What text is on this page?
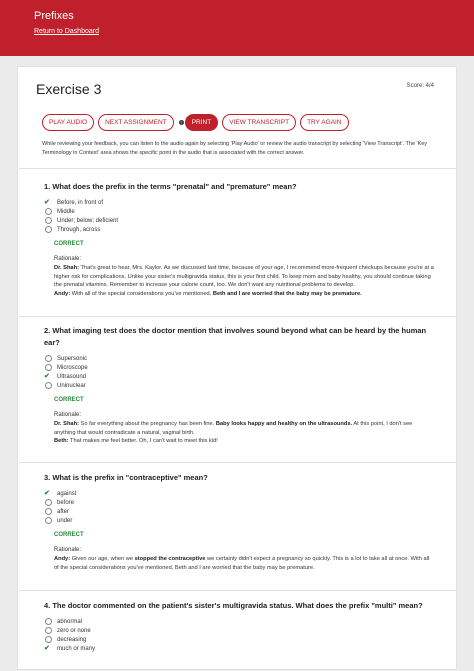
Prefixes
Return to Dashboard
Exercise 3	Score: 4/4
PLAY AUDIO	NEXT ASSIGNMENT	?	PRINT	VIEW TRANSCRIPT	TRY AGAIN
While reviewing your feedback, you can listen to the audio again by selecting 'Play Audio' or review the audio transcript by selecting 'View Transcript'. The 'Key Terminology in Context' area shows the specific point in the audio that is associated with the correct answer.
1. What does the prefix in the terms "prenatal" and "premature" mean?
✔	Before, in front of
Middle
Under; below; deficient
Through, across
CORRECT
Rationale:

Dr. Shah: That's great to hear, Mrs. Kaylor. As we discussed last time, because of your age, I recommend more-frequent checkups because you're at a higher risk for complications. Unlike your sister's multigravida status, this is your first child. To keep mom and baby healthy, you should continue taking the prenatal vitamins. Remember to increase your calorie count, too. We don't want any nutritional problems to develop.

Andy: With all of the special considerations you've mentioned, Beth and I are worried that the baby may be premature.

2. What imaging test does the doctor mention that involves sound beyond what can be heard by the human ear?
Supersonic
Microscope
✔	Ultrasound
Uninuclear
CORRECT
Rationale:

Dr. Shah: So far everything about the pregnancy has been fine. Baby looks happy and healthy on the ultrasounds. At this point, I don't see anything that would contradicate a natural, vaginal birth.

Beth: That makes me feel better. Oh, I can't wait to meet this kid!

3. What is the prefix in "contraceptive" mean?
✔	against
before
after
under
CORRECT
Rationale:

Andy: Given our age, when we stopped the contraceptive we certainly didn't expect a pregnancy so quickly. This is a lot to take all at once. With all of the special considerations you've mentioned, Beth and I are worried that the baby may be premature.

4. The doctor commented on the patient's sister's multigravida status. What does the prefix "multi" mean?
abnormal
zero or none
decreasing
✔	much or many
